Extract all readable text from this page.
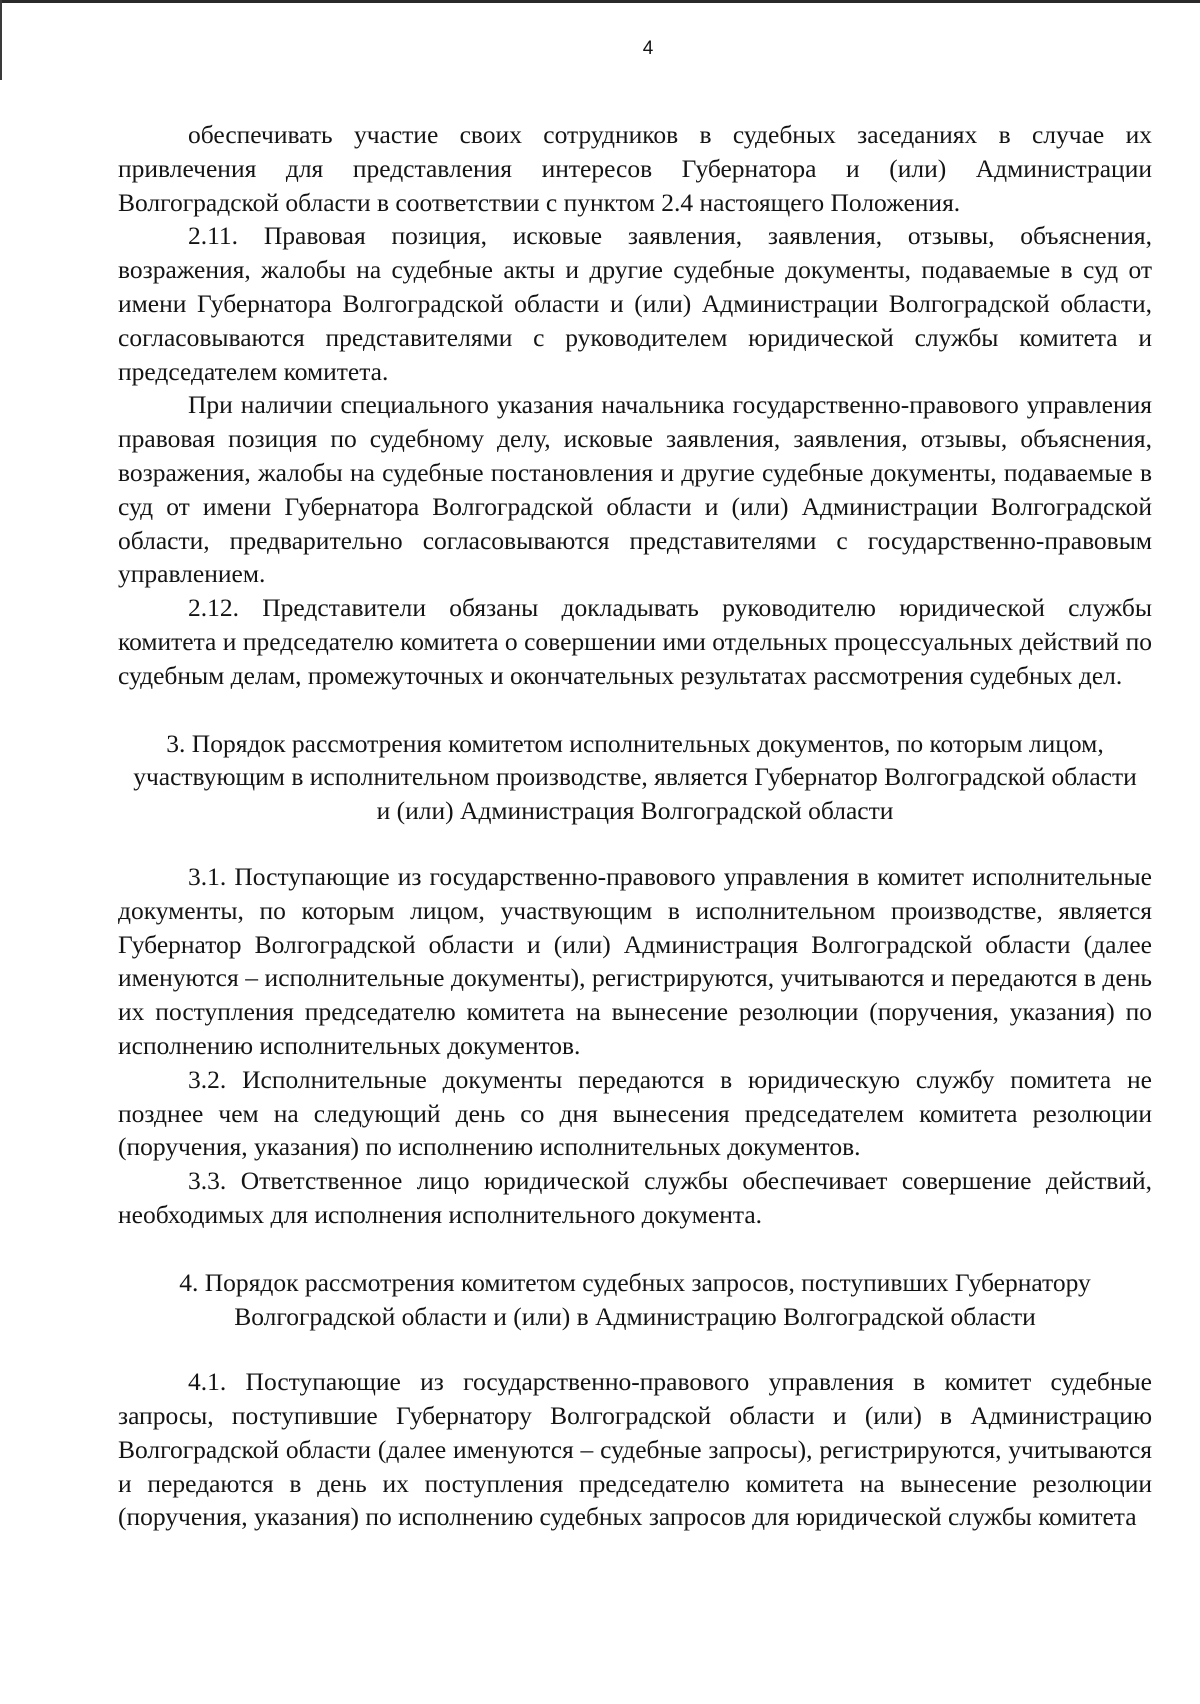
4

обеспечивать участие своих сотрудников в судебных заседаниях в случае их привлечения для представления интересов Губернатора и (или) Администрации Волгоградской области в соответствии с пунктом 2.4 настоящего Положения.

2.11. Правовая позиция, исковые заявления, заявления, отзывы, объяснения, возражения, жалобы на судебные акты и другие судебные документы, подаваемые в суд от имени Губернатора Волгоградской области и (или) Администрации Волгоградской области, согласовываются представителями с руководителем юридической службы комитета и председателем комитета.

При наличии специального указания начальника государственно-правового управления правовая позиция по судебному делу, исковые заявления, заявления, отзывы, объяснения, возражения, жалобы на судебные постановления и другие судебные документы, подаваемые в суд от имени Губернатора Волгоградской области и (или) Администрации Волгоградской области, предварительно согласовываются представителями с государственно-правовым управлением.

2.12. Представители обязаны докладывать руководителю юридической службы комитета и председателю комитета о совершении ими отдельных процессуальных действий по судебным делам, промежуточных и окончательных результатах рассмотрения судебных дел.

3. Порядок рассмотрения комитетом исполнительных документов, по которым лицом, участвующим в исполнительном производстве, является Губернатор Волгоградской области и (или) Администрация Волгоградской области

3.1. Поступающие из государственно-правового управления в комитет исполнительные документы, по которым лицом, участвующим в исполнительном производстве, является Губернатор Волгоградской области и (или) Администрация Волгоградской области (далее именуются – исполнительные документы), регистрируются, учитываются и передаются в день их поступления председателю комитета на вынесение резолюции (поручения, указания) по исполнению исполнительных документов.

3.2. Исполнительные документы передаются в юридическую службу помитета не позднее чем на следующий день со дня вынесения председателем комитета резолюции (поручения, указания) по исполнению исполнительных документов.

3.3. Ответственное лицо юридической службы обеспечивает совершение действий, необходимых для исполнения исполнительного документа.

4. Порядок рассмотрения комитетом судебных запросов, поступивших Губернатору Волгоградской области и (или) в Администрацию Волгоградской области

4.1. Поступающие из государственно-правового управления в комитет судебные запросы, поступившие Губернатору Волгоградской области и (или) в Администрацию Волгоградской области (далее именуются – судебные запросы), регистрируются, учитываются и передаются в день их поступления председателю комитета на вынесение резолюции (поручения, указания) по исполнению судебных запросов для юридической службы комитета
